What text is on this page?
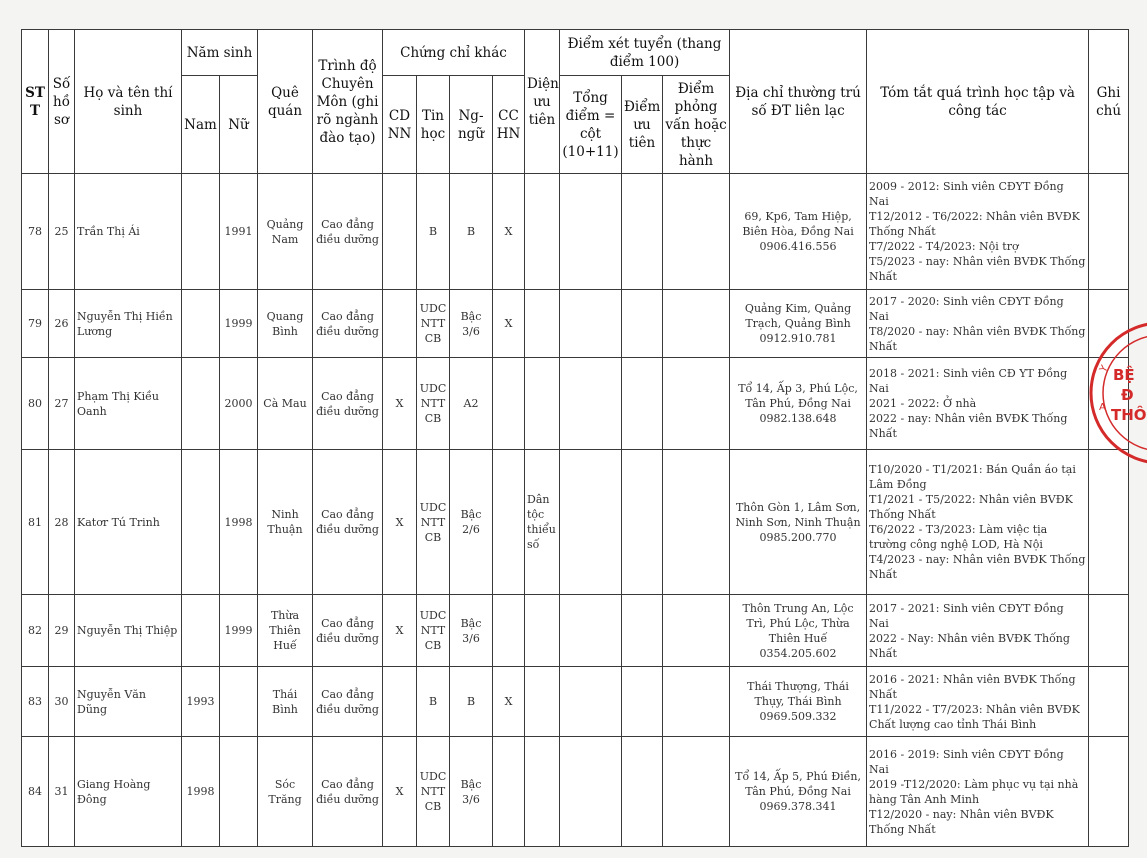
ST T	Số hồ sơ	Họ và tên thí sinh	Năm sinh		Quê quán	Trình độ Chuyên Môn (ghi rõ ngành đào tạo)	Chứng chỉ khác				Diện ưu tiên	Điểm xét tuyển (thang điểm 100)			Địa chỉ thường trú số ĐT liên lạc	Tóm tắt quá trình học tập và công tác	Ghi chú
			Nam	Nữ			CD NN	Tin học	Ng- ngữ	CC HN		Tổng điểm = cột (10+11)	Điểm ưu tiên	Điểm phỏng vấn hoặc thực hành			
78	25	Trần Thị Ái		1991	Quảng Nam	Cao đẳng điều dưỡng		B	B	X					69, Kp6, Tam Hiệp, Biên Hòa, Đồng Nai 0906.416.556	2009 - 2012: Sinh viên CĐYT Đồng Nai
T12/2012 - T6/2022: Nhân viên BVĐK Thống Nhất
T7/2022 - T4/2023: Nội trợ
T5/2023 - nay: Nhân viên BVĐK Thống Nhất	
79	26	Nguyễn Thị Hiền Lương		1999	Quang Bình	Cao đẳng điều dưỡng		UDC NTT CB	Bậc 3/6	X					Quảng Kim, Quảng Trạch, Quảng Bình 0912.910.781	2017 - 2020: Sinh viên CĐYT Đồng Nai
T8/2020 - nay: Nhân viên BVĐK Thống Nhất	
80	27	Phạm Thị Kiều Oanh		2000	Cà Mau	Cao đẳng điều dưỡng	X	UDC NTT CB	A2						Tổ 14, Ấp 3, Phú Lộc, Tân Phú, Đồng Nai 0982.138.648	2018 - 2021: Sinh viên CĐ YT Đồng Nai
2021 - 2022: Ở nhà
2022 - nay: Nhân viên BVĐK Thống Nhất	
81	28	Katơr Tú Trinh		1998	Ninh Thuận	Cao đẳng điều dưỡng	X	UDC NTT CB	Bậc 2/6		Dân tộc thiểu số				Thôn Gòn 1, Lâm Sơn, Ninh Sơn, Ninh Thuận 0985.200.770	T10/2020 - T1/2021: Bán Quần áo tại Lâm Đồng
T1/2021 - T5/2022: Nhân viên BVĐK Thống Nhất
T6/2022 - T3/2023: Làm việc tịa trường công nghệ LOD, Hà Nội
T4/2023 - nay: Nhân viên BVĐK Thống Nhất	
82	29	Nguyễn Thị Thiệp		1999	Thừa Thiên Huế	Cao đẳng điều dưỡng	X	UDC NTT CB	Bậc 3/6						Thôn Trung An, Lộc Trì, Phú Lộc, Thừa Thiên Huế 0354.205.602	2017 - 2021: Sinh viên CĐYT Đồng Nai
2022 - Nay: Nhân viên BVĐK Thống Nhất	
83	30	Nguyễn Văn Dũng	1993		Thái Bình	Cao đẳng điều dưỡng		B	B	X					Thái Thượng, Thái Thụy, Thái Bình 0969.509.332	2016 - 2021: Nhân viên BVĐK Thống Nhất
T11/2022 - T7/2023: Nhân viên BVĐK Chất lượng cao tỉnh Thái Bình	
84	31	Giang Hoàng Đông	1998		Sóc Trăng	Cao đẳng điều dưỡng	X	UDC NTT CB	Bậc 3/6						Tổ 14, Ấp 5, Phú Điền, Tân Phú, Đồng Nai 0969.378.341	2016 - 2019: Sinh viên CĐYT Đồng Nai
2019 -T12/2020: Làm phục vụ tại nhà hàng Tân Anh Minh
T12/2020 - nay: Nhân viên BVĐK Thống Nhất	
Y
A
BỆ
Đ
THÔ
